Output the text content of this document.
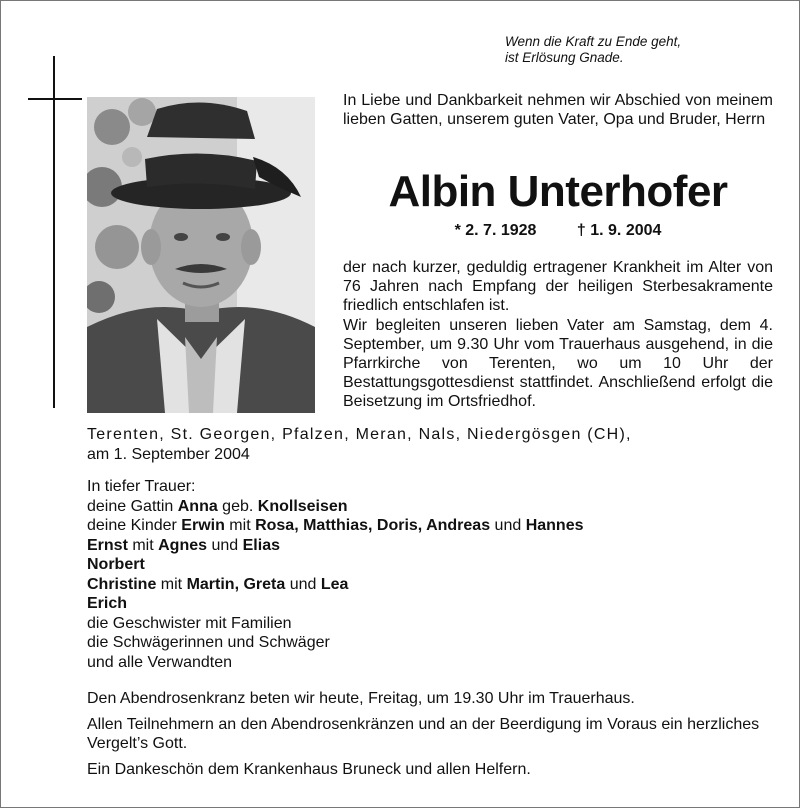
Wenn die Kraft zu Ende geht,
ist Erlösung Gnade.
In Liebe und Dankbarkeit nehmen wir Abschied von meinem lieben Gatten, unserem guten Vater, Opa und Bruder, Herrn
Albin Unterhofer
* 2. 7. 1928	† 1. 9. 2004

der nach kurzer, geduldig ertragener Krankheit im Alter von 76 Jahren nach Empfang der heiligen Sterbesakramente friedlich entschlafen ist.

Wir begleiten unseren lieben Vater am Samstag, dem 4. September, um 9.30 Uhr vom Trauerhaus ausgehend, in die Pfarrkirche von Terenten, wo um 10 Uhr der Bestattungsgottesdienst stattfindet. Anschließend erfolgt die Beisetzung im Ortsfriedhof.

Terenten, St. Georgen, Pfalzen, Meran, Nals, Niedergösgen (CH),
am 1. September 2004
In tiefer Trauer:
deine Gattin Anna geb. Knollseisen
deine Kinder Erwin mit Rosa, Matthias, Doris, Andreas und Hannes
Ernst mit Agnes und Elias
Norbert
Christine mit Martin, Greta und Lea
Erich
die Geschwister mit Familien
die Schwägerinnen und Schwäger
und alle Verwandten

Den Abendrosenkranz beten wir heute, Freitag, um 19.30 Uhr im Trauerhaus.

Allen Teilnehmern an den Abendrosenkränzen und an der Beerdigung im Voraus ein herzliches Vergelt’s Gott.

Ein Dankeschön dem Krankenhaus Bruneck und allen Helfern.
